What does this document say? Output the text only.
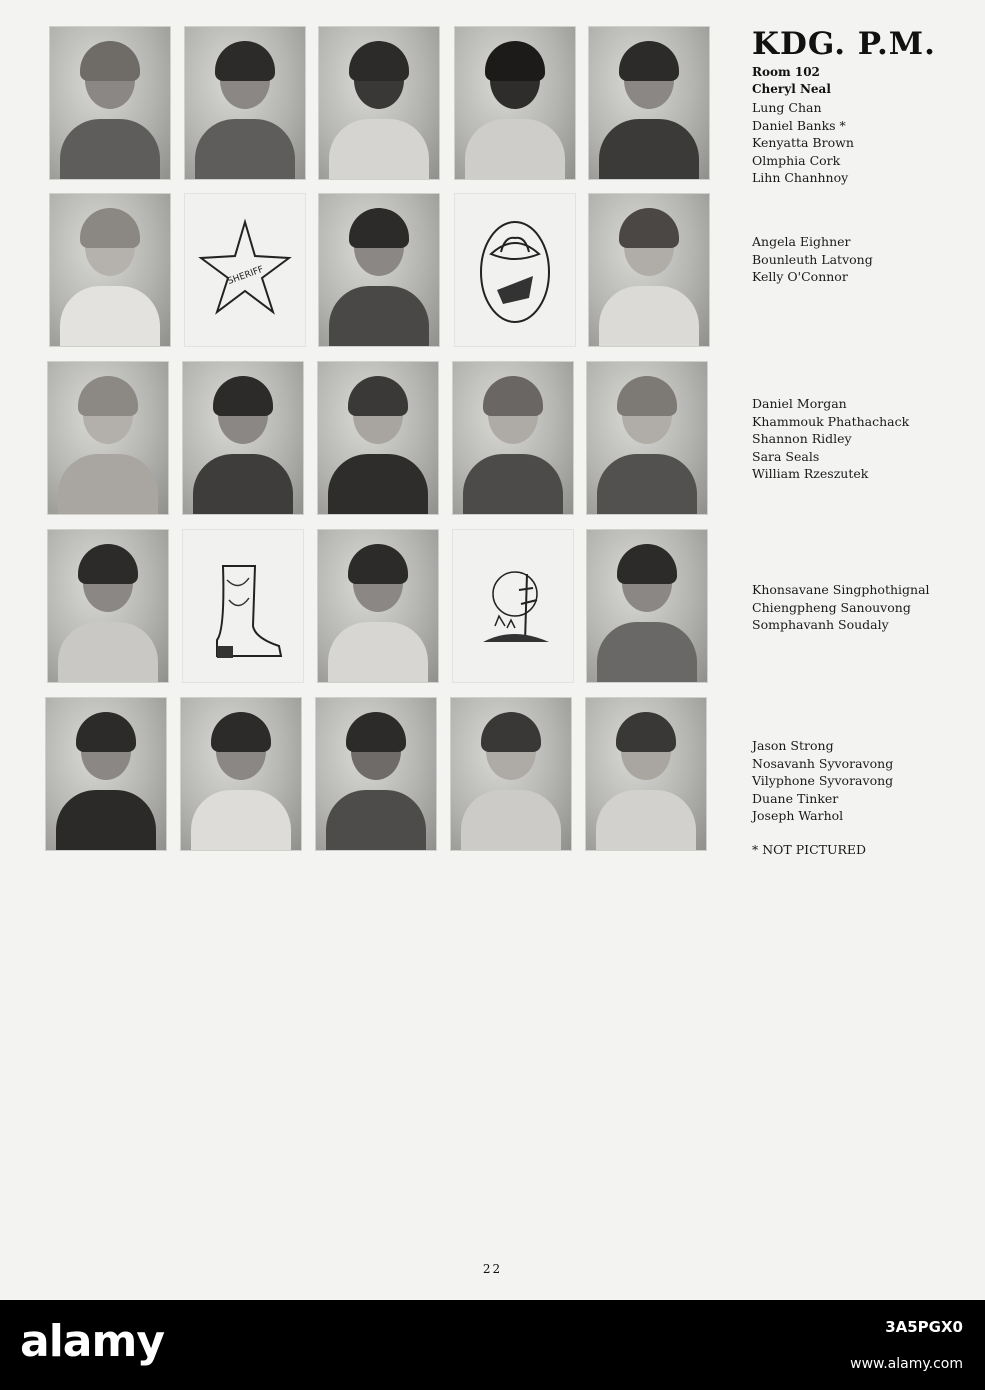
KDG. P.M.
Room 102
Cheryl Neal
Lung Chan
Daniel Banks *
Kenyatta Brown
Olmphia Cork
Lihn Chanhnoy
Angela Eighner
Bounleuth Latvong
Kelly O'Connor
Daniel Morgan
Khammouk Phathachack
Shannon Ridley
Sara Seals
William Rzeszutek
Khonsavane Singphothignal
Chiengpheng Sanouvong
Somphavanh Soudaly
Jason Strong
Nosavanh Syvoravong
Vilyphone Syvoravong
Duane Tinker
Joseph Warhol
* NOT PICTURED
SHERIFF
22
alamy	3A5PGX0
www.alamy.com
